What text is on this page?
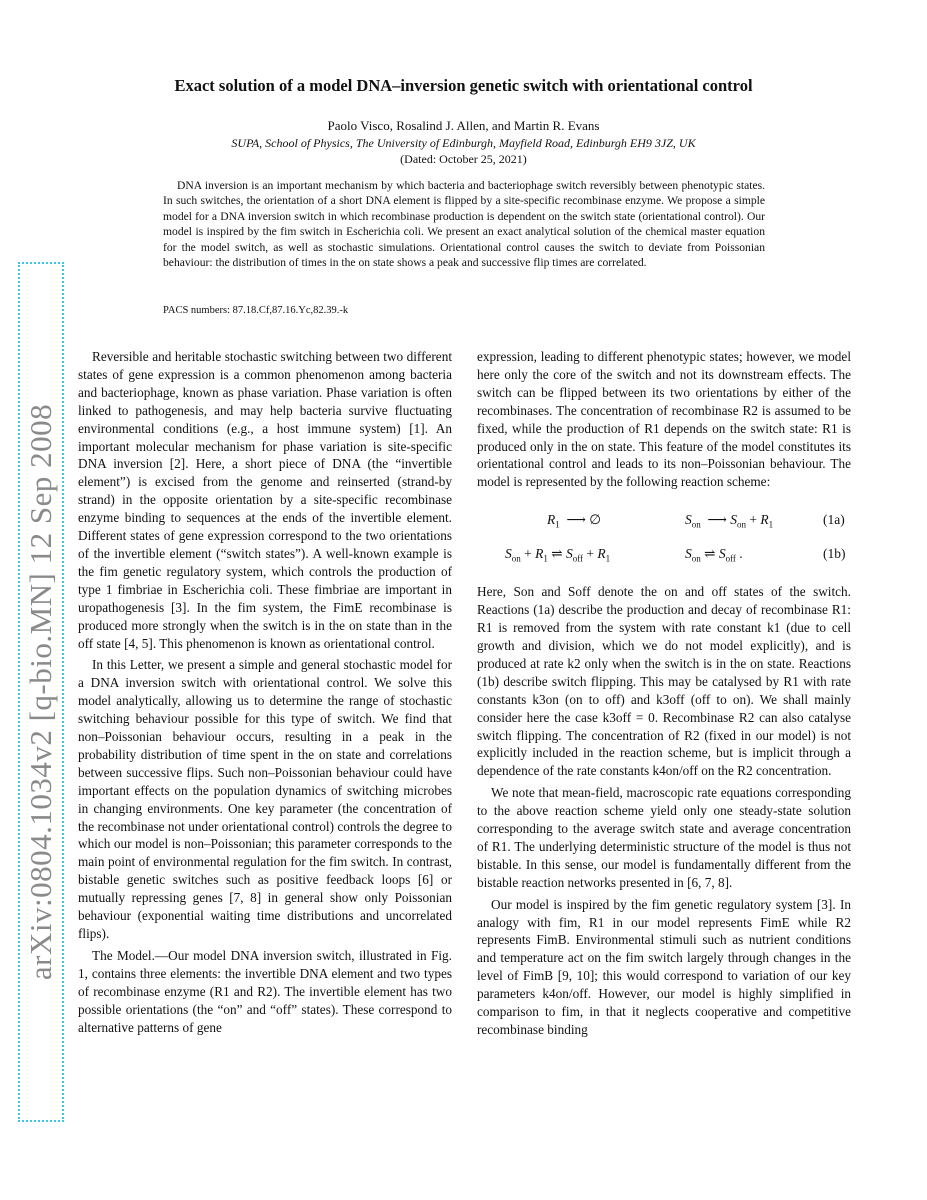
arXiv:0804.1034v2 [q-bio.MN] 12 Sep 2008
Exact solution of a model DNA–inversion genetic switch with orientational control
Paolo Visco, Rosalind J. Allen, and Martin R. Evans
SUPA, School of Physics, The University of Edinburgh, Mayfield Road, Edinburgh EH9 3JZ, UK
(Dated: October 25, 2021)

DNA inversion is an important mechanism by which bacteria and bacteriophage switch reversibly between phenotypic states. In such switches, the orientation of a short DNA element is flipped by a site-specific recombinase enzyme. We propose a simple model for a DNA inversion switch in which recombinase production is dependent on the switch state (orientational control). Our model is inspired by the fim switch in Escherichia coli. We present an exact analytical solution of the chemical master equation for the model switch, as well as stochastic simulations. Orientational control causes the switch to deviate from Poissonian behaviour: the distribution of times in the on state shows a peak and successive flip times are correlated.

PACS numbers: 87.18.Cf,87.16.Yc,82.39.-k

Reversible and heritable stochastic switching between two different states of gene expression is a common phenomenon among bacteria and bacteriophage, known as phase variation. Phase variation is often linked to pathogenesis, and may help bacteria survive fluctuating environmental conditions (e.g., a host immune system) [1]. An important molecular mechanism for phase variation is site-specific DNA inversion [2]. Here, a short piece of DNA (the “invertible element”) is excised from the genome and reinserted (strand-by strand) in the opposite orientation by a site-specific recombinase enzyme binding to sequences at the ends of the invertible element. Different states of gene expression correspond to the two orientations of the invertible element (“switch states”). A well-known example is the fim genetic regulatory system, which controls the production of type 1 fimbriae in Escherichia coli. These fimbriae are important in uropathogenesis [3]. In the fim system, the FimE recombinase is produced more strongly when the switch is in the on state than in the off state [4, 5]. This phenomenon is known as orientational control.

In this Letter, we present a simple and general stochastic model for a DNA inversion switch with orientational control. We solve this model analytically, allowing us to determine the range of stochastic switching behaviour possible for this type of switch. We find that non–Poissonian behaviour occurs, resulting in a peak in the probability distribution of time spent in the on state and correlations between successive flips. Such non–Poissonian behaviour could have important effects on the population dynamics of switching microbes in changing environments. One key parameter (the concentration of the recombinase not under orientational control) controls the degree to which our model is non–Poissonian; this parameter corresponds to the main point of environmental regulation for the fim switch. In contrast, bistable genetic switches such as positive feedback loops [6] or mutually repressing genes [7, 8] in general show only Poissonian behaviour (exponential waiting time distributions and uncorrelated flips).

The Model.—Our model DNA inversion switch, illustrated in Fig. 1, contains three elements: the invertible DNA element and two types of recombinase enzyme (R1 and R2). The invertible element has two possible orientations (the “on” and “off” states). These correspond to alternative patterns of gene

expression, leading to different phenotypic states; however, we model here only the core of the switch and not its downstream effects. The switch can be flipped between its two orientations by either of the recombinases. The concentration of recombinase R2 is assumed to be fixed, while the production of R1 depends on the switch state: R1 is produced only in the on state. This feature of the model constitutes its orientational control and leads to its non–Poissonian behaviour. The model is represented by the following reaction scheme:

$R_1$  ⟶ ∅	$S_{on}$  ⟶ $S_{on} + R_1$	(1a)
$S_{on} + R_1$ ⇌ $S_{off} + R_1$	$S_{on}$ ⇌ $S_{off}$ .	(1b)

Here, Son and Soff denote the on and off states of the switch. Reactions (1a) describe the production and decay of recombinase R1: R1 is removed from the system with rate constant k1 (due to cell growth and division, which we do not model explicitly), and is produced at rate k2 only when the switch is in the on state. Reactions (1b) describe switch flipping. This may be catalysed by R1 with rate constants k3on (on to off) and k3off (off to on). We shall mainly consider here the case k3off = 0. Recombinase R2 can also catalyse switch flipping. The concentration of R2 (fixed in our model) is not explicitly included in the reaction scheme, but is implicit through a dependence of the rate constants k4on/off on the R2 concentration.

We note that mean-field, macroscopic rate equations corresponding to the above reaction scheme yield only one steady-state solution corresponding to the average switch state and average concentration of R1. The underlying deterministic structure of the model is thus not bistable. In this sense, our model is fundamentally different from the bistable reaction networks presented in [6, 7, 8].

Our model is inspired by the fim genetic regulatory system [3]. In analogy with fim, R1 in our model represents FimE while R2 represents FimB. Environmental stimuli such as nutrient conditions and temperature act on the fim switch largely through changes in the level of FimB [9, 10]; this would correspond to variation of our key parameters k4on/off. However, our model is highly simplified in comparison to fim, in that it neglects cooperative and competitive recombinase binding
